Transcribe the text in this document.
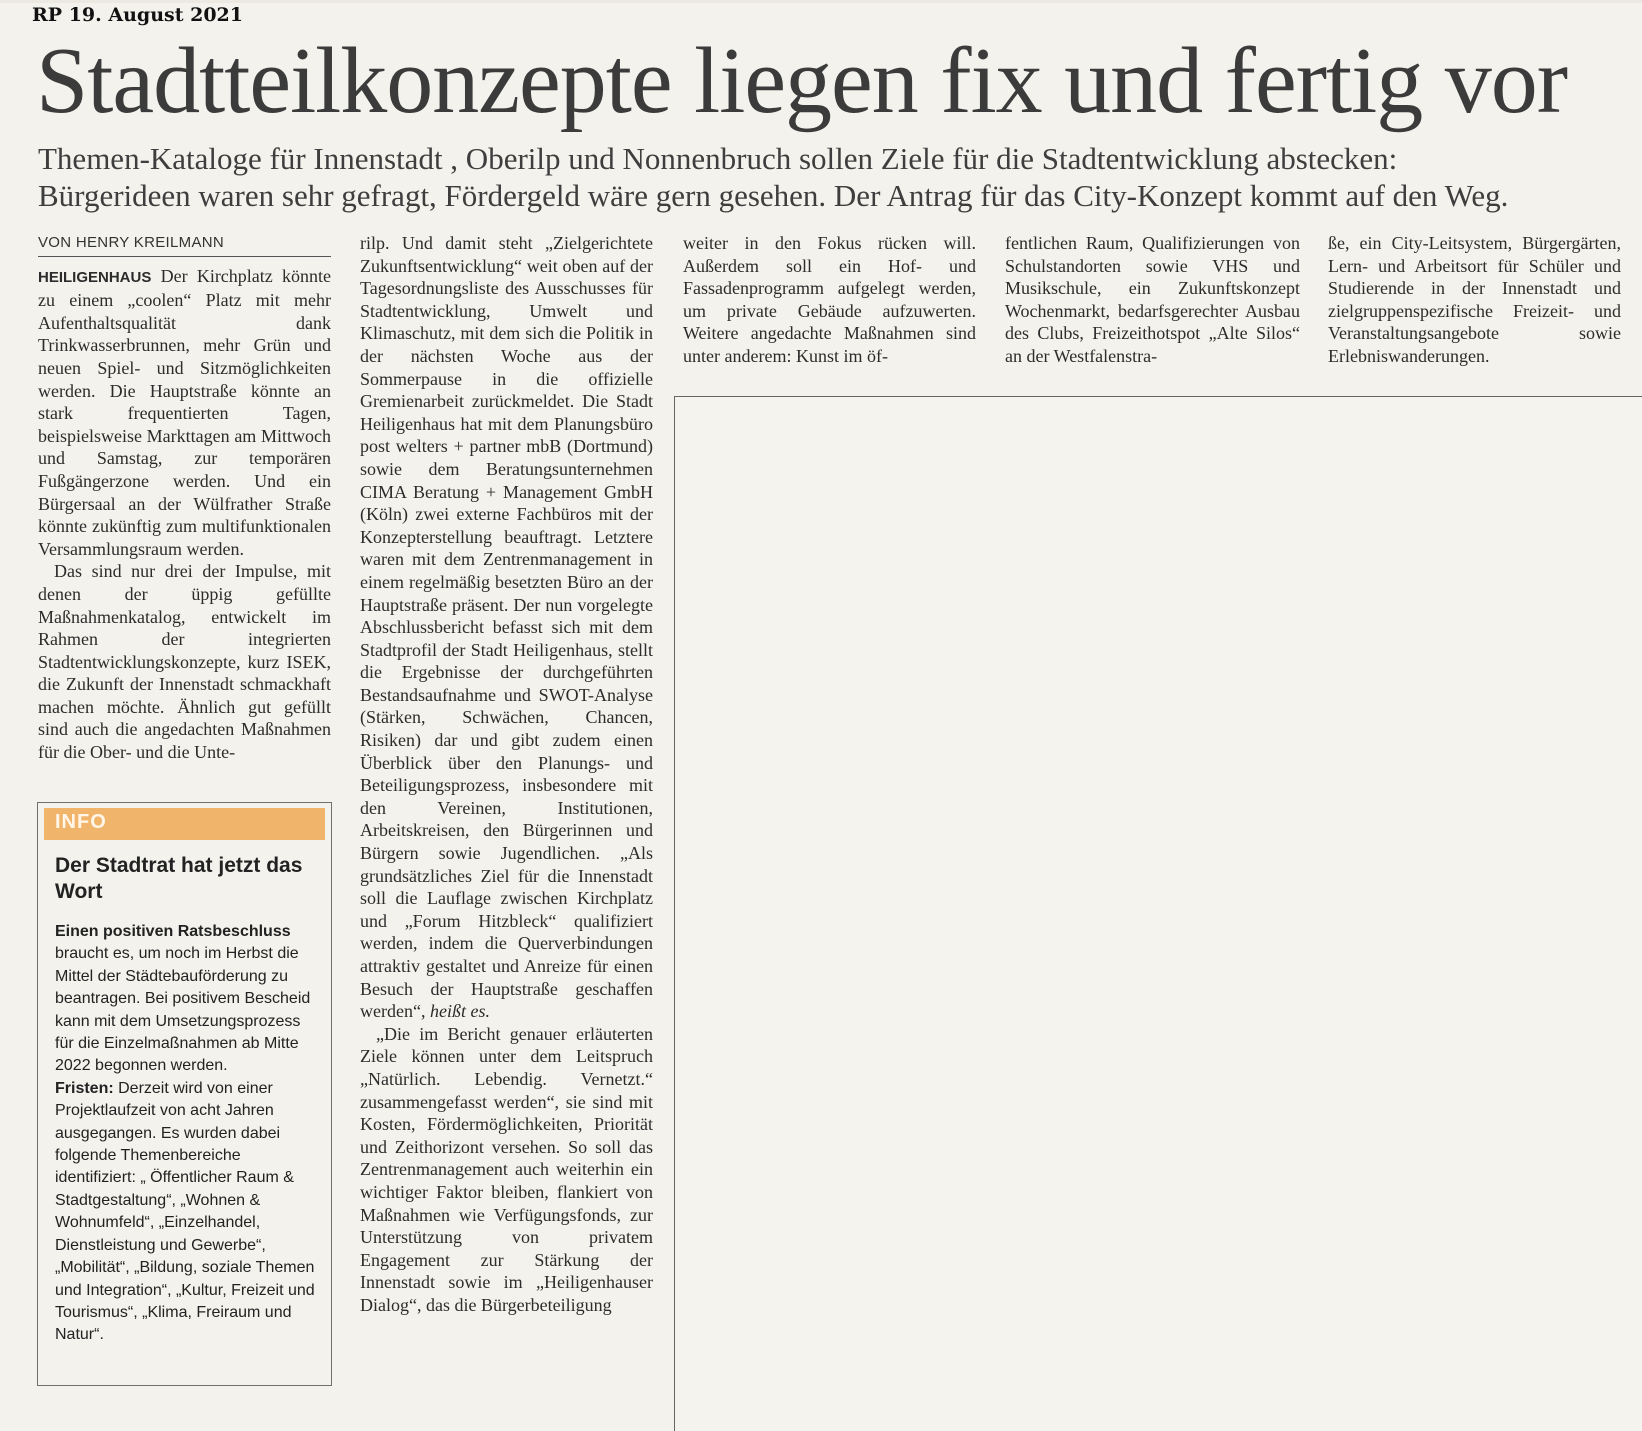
RP 19. August 2021
Stadtteilkonzepte liegen fix und fertig vor
Themen-Kataloge für Innenstadt , Oberilp und Nonnenbruch sollen Ziele für die Stadtentwicklung abstecken:
Bürgerideen waren sehr gefragt, Fördergeld wäre gern gesehen. Der Antrag für das City-Konzept kommt auf den Weg.
VON HENRY KREILMANN

HEILIGENHAUS Der Kirchplatz könnte zu einem „coolen“ Platz mit mehr Aufenthaltsqualität dank Trinkwasserbrunnen, mehr Grün und neuen Spiel- und Sitzmöglichkeiten werden. Die Hauptstraße könnte an stark frequentierten Tagen, beispielsweise Markttagen am Mittwoch und Samstag, zur temporären Fußgängerzone werden. Und ein Bürgersaal an der Wülfrather Straße könnte zukünftig zum multifunktionalen Versammlungsraum werden.

Das sind nur drei der Impulse, mit denen der üppig gefüllte Maßnahmenkatalog, entwickelt im Rahmen der integrierten Stadtentwicklungskonzepte, kurz ISEK, die Zukunft der Innenstadt schmackhaft machen möchte. Ähnlich gut gefüllt sind auch die angedachten Maßnahmen für die Ober- und die Unte-

INFO
Der Stadtrat hat jetzt das Wort

Einen positiven Ratsbeschluss braucht es, um noch im Herbst die Mittel der Städtebauförderung zu beantragen. Bei positivem Bescheid kann mit dem Umsetzungsprozess für die Einzelmaßnahmen ab Mitte 2022 begonnen werden.

Fristen: Derzeit wird von einer Projektlaufzeit von acht Jahren ausgegangen. Es wurden dabei folgende Themenbereiche identifiziert: „ Öffentlicher Raum & Stadtgestaltung“, „Wohnen & Wohnumfeld“, „Einzelhandel, Dienstleistung und Gewerbe“, „Mobilität“, „Bildung, soziale Themen und Integration“, „Kultur, Freizeit und Tourismus“, „Klima, Freiraum und Natur“.

rilp. Und damit steht „Zielgerichtete Zukunftsentwicklung“ weit oben auf der Tagesordnungsliste des Ausschusses für Stadtentwicklung, Umwelt und Klimaschutz, mit dem sich die Politik in der nächsten Woche aus der Sommerpause in die offizielle Gremienarbeit zurückmeldet. Die Stadt Heiligenhaus hat mit dem Planungsbüro post welters + partner mbB (Dortmund) sowie dem Beratungsunternehmen CIMA Beratung + Management GmbH (Köln) zwei externe Fachbüros mit der Konzepterstellung beauftragt. Letztere waren mit dem Zentrenmanagement in einem regelmäßig besetzten Büro an der Hauptstraße präsent. Der nun vorgelegte Abschlussbericht befasst sich mit dem Stadtprofil der Stadt Heiligenhaus, stellt die Ergebnisse der durchgeführten Bestandsaufnahme und SWOT-Analyse (Stärken, Schwächen, Chancen, Risiken) dar und gibt zudem einen Überblick über den Planungs- und Beteiligungsprozess, insbesondere mit den Vereinen, Institutionen, Arbeitskreisen, den Bürgerinnen und Bürgern sowie Jugendlichen. „Als grundsätzliches Ziel für die Innenstadt soll die Lauflage zwischen Kirchplatz und „Forum Hitzbleck“ qualifiziert werden, indem die Querverbindungen attraktiv gestaltet und Anreize für einen Besuch der Hauptstraße geschaffen werden“, heißt es.

„Die im Bericht genauer erläuterten Ziele können unter dem Leitspruch „Natürlich. Lebendig. Vernetzt.“ zusammengefasst werden“, sie sind mit Kosten, Fördermöglichkeiten, Priorität und Zeithorizont versehen. So soll das Zentrenmanagement auch weiterhin ein wichtiger Faktor bleiben, flankiert von Maßnahmen wie Verfügungsfonds, zur Unterstützung von privatem Engagement zur Stärkung der Innenstadt sowie im „Heiligenhauser Dialog“, das die Bürgerbeteiligung

weiter in den Fokus rücken will. Außerdem soll ein Hof- und Fassadenprogramm aufgelegt werden, um private Gebäude aufzuwerten. Weitere angedachte Maßnahmen sind unter anderem: Kunst im öf-

fentlichen Raum, Qualifizierungen von Schulstandorten sowie VHS und Musikschule, ein Zukunftskonzept Wochenmarkt, bedarfsgerechter Ausbau des Clubs, Freizeithotspot „Alte Silos“ an der Westfalenstra-

ße, ein City-Leitsystem, Bürgergärten, Lern- und Arbeitsort für Schüler und Studierende in der Innenstadt und zielgruppenspezifische Freizeit- und Veranstaltungsangebote sowie Erlebniswanderungen.
